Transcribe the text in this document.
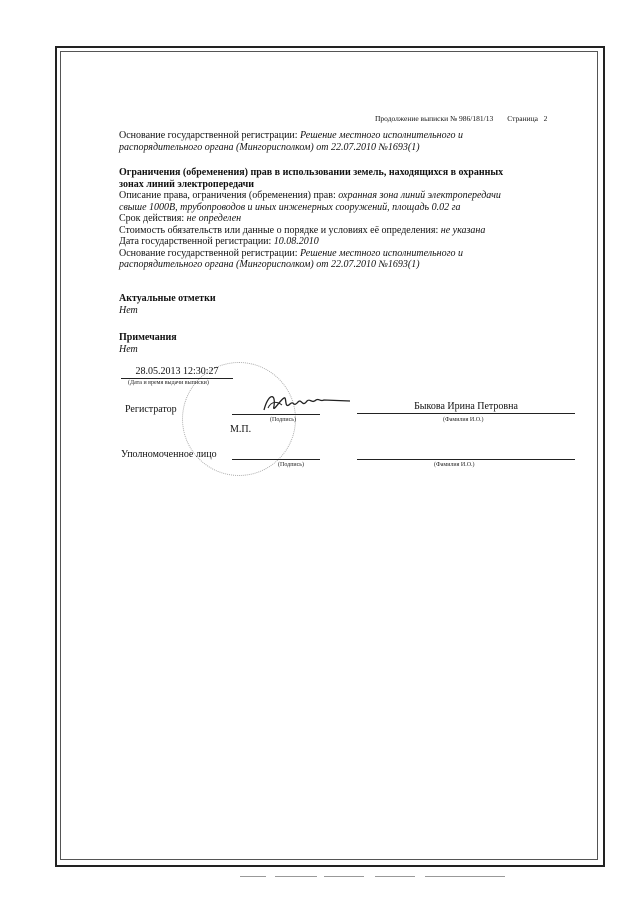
Продолжение выписки № 986/181/13 Страница 2
Основание государственной регистрации: Решение местного исполнительного и
распорядительного органа (Мингорисполком) от 22.07.2010 №1693(1)
Ограничения (обременения) прав в использовании земель, находящихся в охранных
зонах линий электропередачи
Описание права, ограничения (обременения) прав: охранная зона линий электропередачи
свыше 1000В, трубопроводов и иных инженерных сооружений, площадь 0.02 га
Срок действия: не определен
Стоимость обязательств или данные о порядке и условиях её определения: не указана
Дата государственной регистрации: 10.08.2010
Основание государственной регистрации: Решение местного исполнительного и
распорядительного органа (Мингорисполком) от 22.07.2010 №1693(1)
Актуальные отметки
Нет
Примечания
Нет
28.05.2013 12:30:27
(Дата и время выдачи выписки)
Регистратор
(Подпись)
Быкова Ирина Петровна
(Фамилия И.О.)
М.П.
Уполномоченное лицо
(Подпись)	(Фамилия И.О.)
